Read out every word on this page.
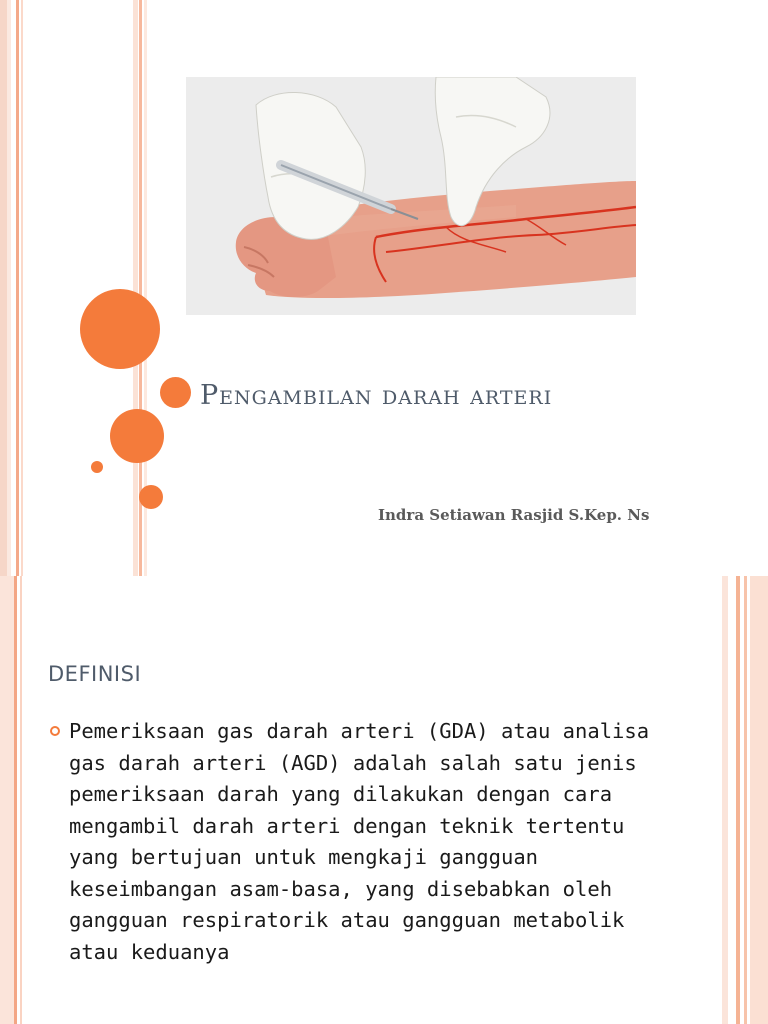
Pengambilan darah arteri
Indra Setiawan Rasjid S.Kep. Ns
DEFINISI

Pemeriksaan gas darah arteri (GDA) atau analisa gas darah arteri (AGD) adalah salah satu jenis pemeriksaan darah yang dilakukan dengan cara mengambil darah arteri dengan teknik tertentu yang bertujuan untuk mengkaji gangguan keseimbangan asam-basa, yang disebabkan oleh gangguan respiratorik atau gangguan metabolik atau keduanya
